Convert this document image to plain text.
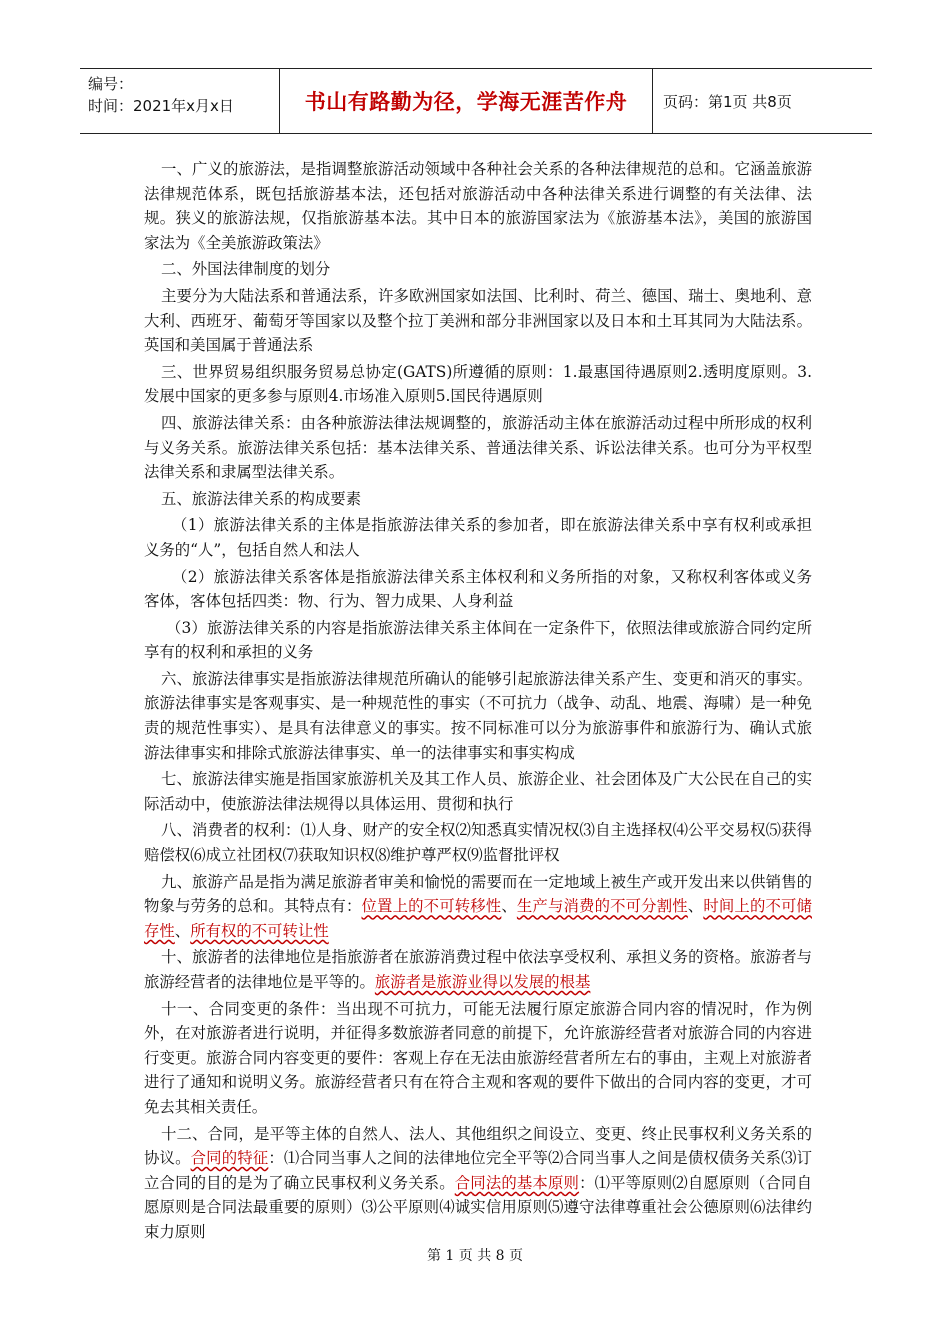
编号：
时间：2021年x月x日	书山有路勤为径，学海无涯苦作舟	页码：第1页 共8页

一、广义的旅游法，是指调整旅游活动领域中各种社会关系的各种法律规范的总和。它涵盖旅游法律规范体系，既包括旅游基本法，还包括对旅游活动中各种法律关系进行调整的有关法律、法规。狭义的旅游法规，仅指旅游基本法。其中日本的旅游国家法为《旅游基本法》，美国的旅游国家法为《全美旅游政策法》

二、外国法律制度的划分

主要分为大陆法系和普通法系，许多欧洲国家如法国、比利时、荷兰、德国、瑞士、奥地利、意大利、西班牙、葡萄牙等国家以及整个拉丁美洲和部分非洲国家以及日本和土耳其同为大陆法系。英国和美国属于普通法系

三、世界贸易组织服务贸易总协定(GATS)所遵循的原则：1.最惠国待遇原则2.透明度原则。3.发展中国家的更多参与原则4.市场准入原则5.国民待遇原则

四、旅游法律关系：由各种旅游法律法规调整的，旅游活动主体在旅游活动过程中所形成的权利与义务关系。旅游法律关系包括：基本法律关系、普通法律关系、诉讼法律关系。也可分为平权型法律关系和隶属型法律关系。

五、旅游法律关系的构成要素

（1）旅游法律关系的主体是指旅游法律关系的参加者，即在旅游法律关系中享有权利或承担义务的“人”，包括自然人和法人

（2）旅游法律关系客体是指旅游法律关系主体权利和义务所指的对象，又称权利客体或义务客体，客体包括四类：物、行为、智力成果、人身利益

（3）旅游法律关系的内容是指旅游法律关系主体间在一定条件下，依照法律或旅游合同约定所享有的权利和承担的义务

六、旅游法律事实是指旅游法律规范所确认的能够引起旅游法律关系产生、变更和消灭的事实。旅游法律事实是客观事实、是一种规范性的事实（不可抗力（战争、动乱、地震、海啸）是一种免责的规范性事实）、是具有法律意义的事实。按不同标准可以分为旅游事件和旅游行为、确认式旅游法律事实和排除式旅游法律事实、单一的法律事实和事实构成

七、旅游法律实施是指国家旅游机关及其工作人员、旅游企业、社会团体及广大公民在自己的实际活动中，使旅游法律法规得以具体运用、贯彻和执行

八、消费者的权利：⑴人身、财产的安全权⑵知悉真实情况权⑶自主选择权⑷公平交易权⑸获得赔偿权⑹成立社团权⑺获取知识权⑻维护尊严权⑼监督批评权

九、旅游产品是指为满足旅游者审美和愉悦的需要而在一定地域上被生产或开发出来以供销售的物象与劳务的总和。其特点有：位置上的不可转移性、生产与消费的不可分割性、时间上的不可储存性、所有权的不可转让性

十、旅游者的法律地位是指旅游者在旅游消费过程中依法享受权利、承担义务的资格。旅游者与旅游经营者的法律地位是平等的。旅游者是旅游业得以发展的根基

十一、合同变更的条件：当出现不可抗力，可能无法履行原定旅游合同内容的情况时，作为例外，在对旅游者进行说明，并征得多数旅游者同意的前提下，允许旅游经营者对旅游合同的内容进行变更。旅游合同内容变更的要件：客观上存在无法由旅游经营者所左右的事由，主观上对旅游者进行了通知和说明义务。旅游经营者只有在符合主观和客观的要件下做出的合同内容的变更，才可免去其相关责任。

十二、合同，是平等主体的自然人、法人、其他组织之间设立、变更、终止民事权利义务关系的协议。合同的特征：⑴合同当事人之间的法律地位完全平等⑵合同当事人之间是债权债务关系⑶订立合同的目的是为了确立民事权利义务关系。合同法的基本原则：⑴平等原则⑵自愿原则（合同自愿原则是合同法最重要的原则）⑶公平原则⑷诚实信用原则⑸遵守法律尊重社会公德原则⑹法律约束力原则

第 1 页 共 8 页
